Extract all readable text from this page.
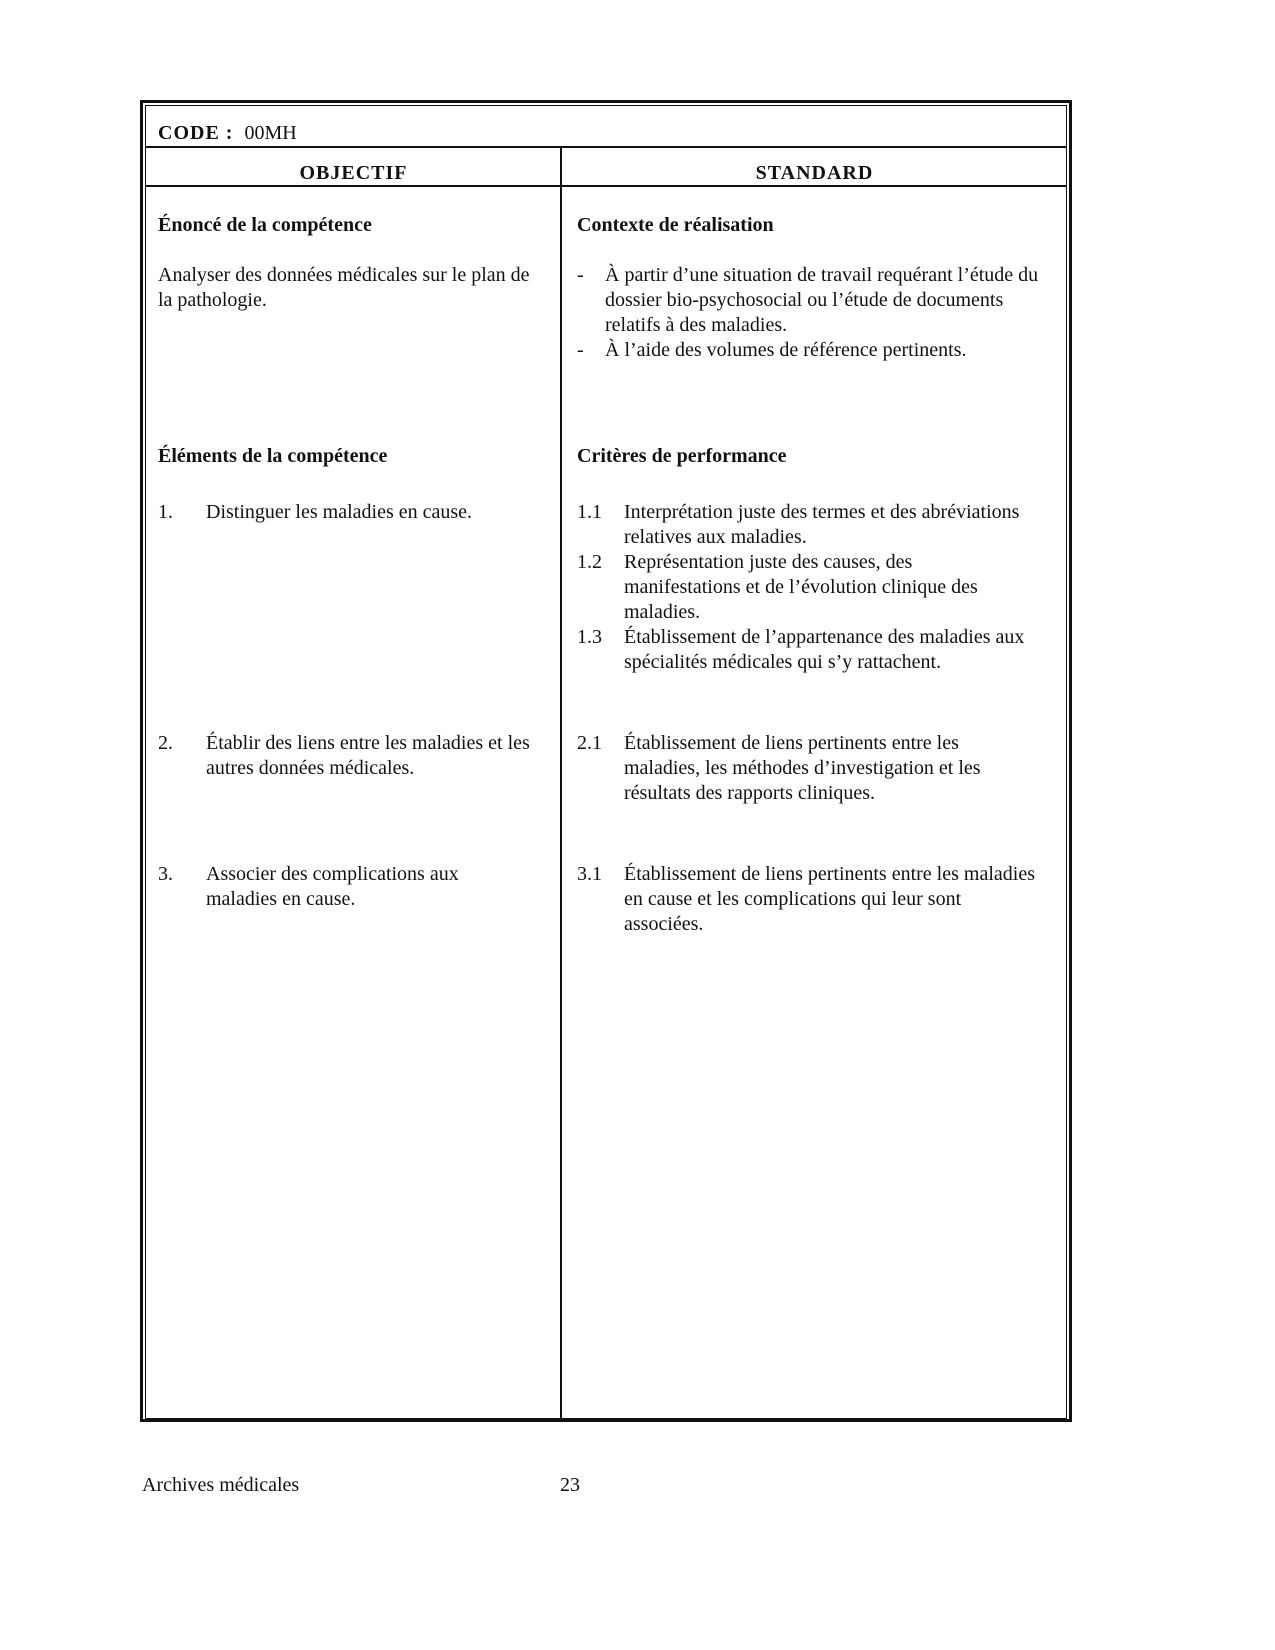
CODE : 00MH
OBJECTIF	STANDARD
Énoncé de la compétence
Analyser des données médicales sur le plan de la pathologie.
Éléments de la compétence
1. Distinguer les maladies en cause.
2. Établir des liens entre les maladies et les autres données médicales.
3. Associer des complications aux maladies en cause.
Contexte de réalisation
- À partir d’une situation de travail requérant l’étude du dossier bio-psychosocial ou l’étude de documents relatifs à des maladies.
- À l’aide des volumes de référence pertinents.
Critères de performance
1.1 Interprétation juste des termes et des abréviations relatives aux maladies.
1.2 Représentation juste des causes, des manifestations et de l’évolution clinique des maladies.
1.3 Établissement de l’appartenance des maladies aux spécialités médicales qui s’y rattachent.
2.1 Établissement de liens pertinents entre les maladies, les méthodes d’investigation et les résultats des rapports cliniques.
3.1 Établissement de liens pertinents entre les maladies en cause et les complications qui leur sont associées.
Archives médicales	23
